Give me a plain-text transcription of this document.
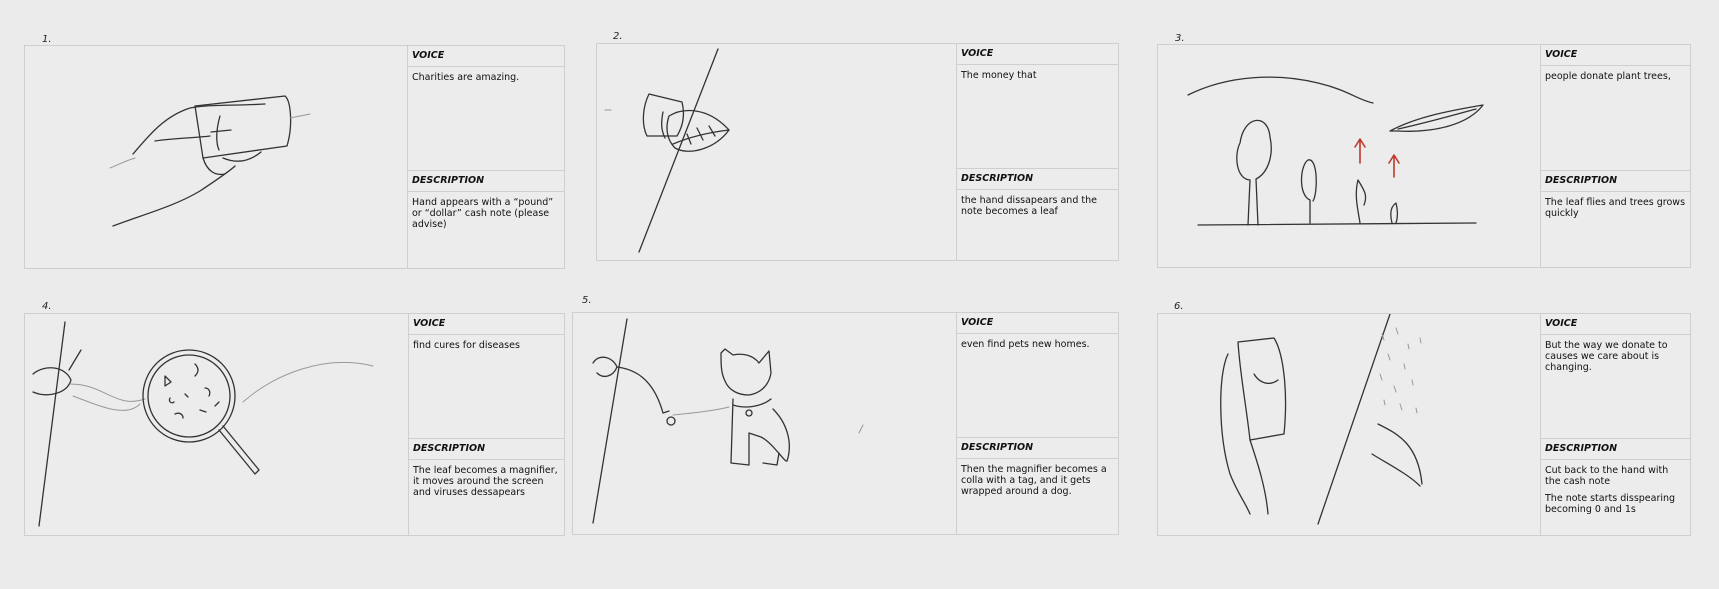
1.
VOICE
Charities are amazing.
DESCRIPTION

Hand appears with a “pound” or “dollar” cash note (please advise)

2.
VOICE
The money that
DESCRIPTION

the hand dissapears and the note becomes a leaf

3.
VOICE
people donate plant trees,
DESCRIPTION

The leaf flies and trees grows quickly

4.
VOICE
find cures for diseases
DESCRIPTION

The leaf becomes a magnifier, it moves around the screen and viruses dessapears

5.
VOICE
even find pets new homes.
DESCRIPTION

Then the magnifier becomes a colla with a tag, and it gets wrapped around a dog.

6.
VOICE
But the way we donate to causes we care about is changing.
DESCRIPTION

Cut back to the hand with the cash note

The note starts disspearing becoming 0 and 1s
